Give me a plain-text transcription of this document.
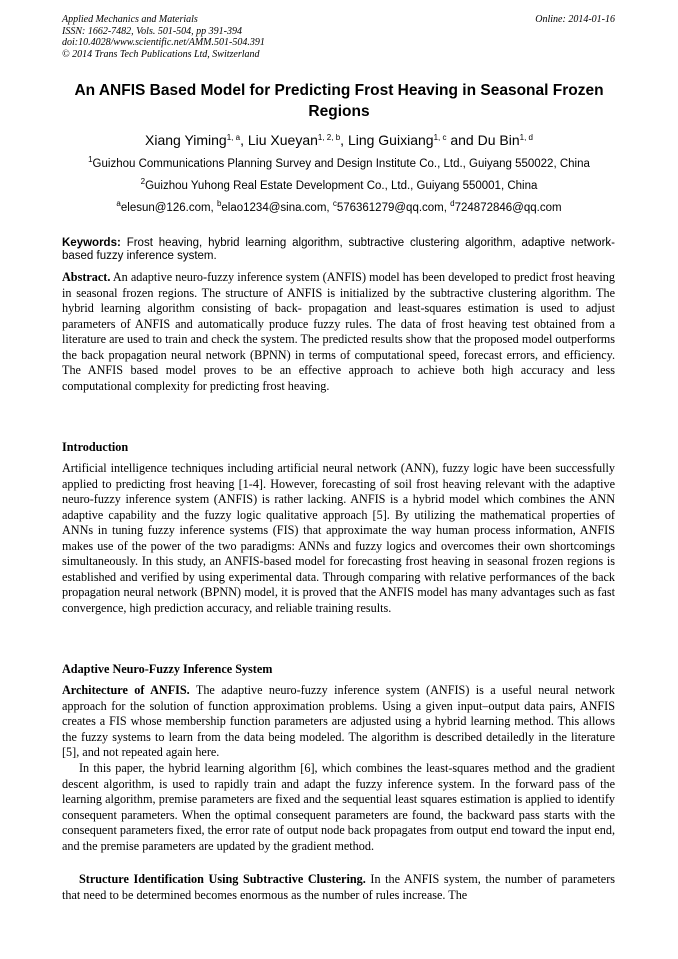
Applied Mechanics and Materials
ISSN: 1662-7482, Vols. 501-504, pp 391-394
doi:10.4028/www.scientific.net/AMM.501-504.391
© 2014 Trans Tech Publications Ltd, Switzerland
Online: 2014-01-16
An ANFIS Based Model for Predicting Frost Heaving in Seasonal Frozen Regions
Xiang Yiming$^{1, a}$, Liu Xueyan$^{1, 2, b}$, Ling Guixiang$^{1, c}$ and Du Bin$^{1, d}$
$^1$Guizhou Communications Planning Survey and Design Institute Co., Ltd., Guiyang 550022, China
$^2$Guizhou Yuhong Real Estate Development Co., Ltd., Guiyang 550001, China
$^a$elesun@126.com, $^b$elao1234@sina.com, $^c$576361279@qq.com, $^d$724872846@qq.com
Keywords: Frost heaving, hybrid learning algorithm, subtractive clustering algorithm, adaptive network-based fuzzy inference system.
Abstract. An adaptive neuro-fuzzy inference system (ANFIS) model has been developed to predict frost heaving in seasonal frozen regions. The structure of ANFIS is initialized by the subtractive clustering algorithm. The hybrid learning algorithm consisting of back- propagation and least-squares estimation is used to adjust parameters of ANFIS and automatically produce fuzzy rules. The data of frost heaving test obtained from a literature are used to train and check the system. The predicted results show that the proposed model outperforms the back propagation neural network (BPNN) in terms of computational speed, forecast errors, and efficiency. The ANFIS based model proves to be an effective approach to achieve both high accuracy and less computational complexity for predicting frost heaving.
Introduction
Artificial intelligence techniques including artificial neural network (ANN), fuzzy logic have been successfully applied to predicting frost heaving [1-4]. However, forecasting of soil frost heaving relevant with the adaptive neuro-fuzzy inference system (ANFIS) is rather lacking. ANFIS is a hybrid model which combines the ANN adaptive capability and the fuzzy logic qualitative approach [5]. By utilizing the mathematical properties of ANNs in tuning fuzzy inference systems (FIS) that approximate the way human process information, ANFIS makes use of the power of the two paradigms: ANNs and fuzzy logics and overcomes their own shortcomings simultaneously. In this study, an ANFIS-based model for forecasting frost heaving in seasonal frozen regions is established and verified by using experimental data. Through comparing with relative performances of the back propagation neural network (BPNN) model, it is proved that the ANFIS model has many advantages such as fast convergence, high prediction accuracy, and reliable training results.
Adaptive Neuro-Fuzzy Inference System
Architecture of ANFIS. The adaptive neuro-fuzzy inference system (ANFIS) is a useful neural network approach for the solution of function approximation problems. Using a given input–output data pairs, ANFIS creates a FIS whose membership function parameters are adjusted using a hybrid learning method. This allows the fuzzy systems to learn from the data being modeled. The algorithm is described detailedly in the literature [5], and not repeated again here.
In this paper, the hybrid learning algorithm [6], which combines the least-squares method and the gradient descent algorithm, is used to rapidly train and adapt the fuzzy inference system. In the forward pass of the learning algorithm, premise parameters are fixed and the sequential least squares estimation is applied to identify consequent parameters. When the optimal consequent parameters are found, the backward pass starts with the consequent parameters fixed, the error rate of output node back propagates from output end toward the input end, and the premise parameters are updated by the gradient method.
Structure Identification Using Subtractive Clustering. In the ANFIS system, the number of parameters that need to be determined becomes enormous as the number of rules increase. The
